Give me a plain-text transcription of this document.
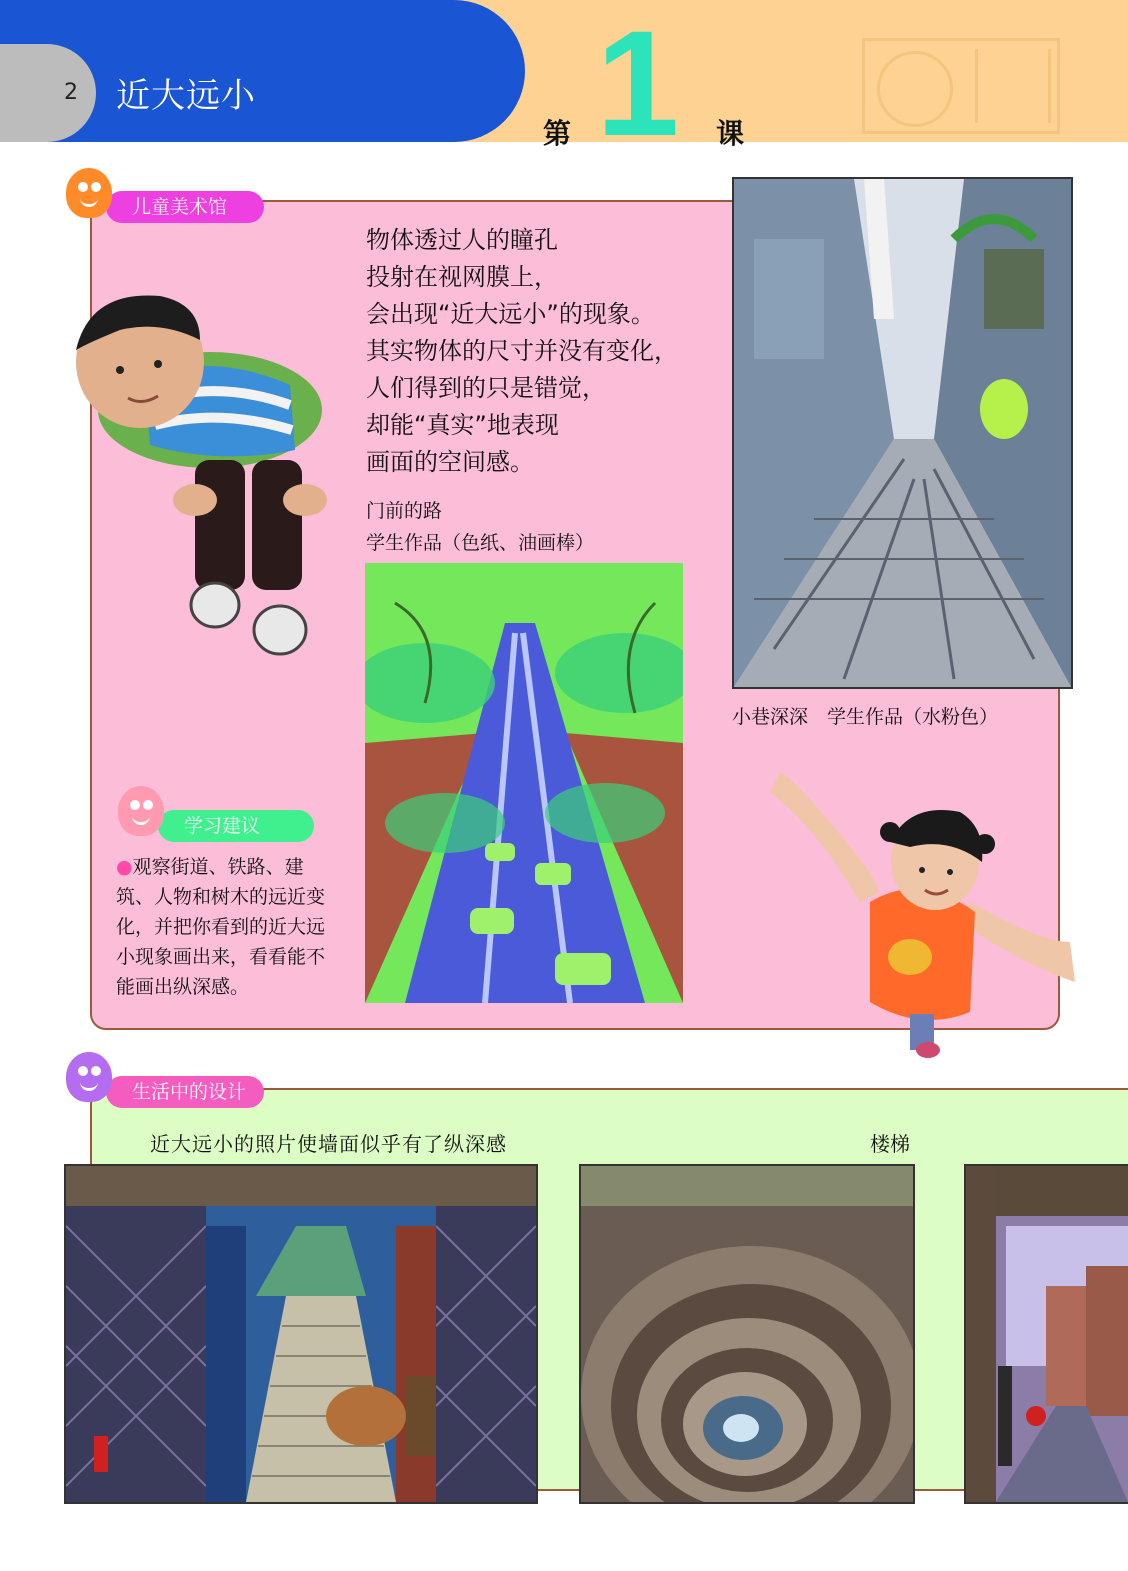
2 近大远小
第 1 课
儿童美术馆
物体透过人的瞳孔
投射在视网膜上，
会出现“近大远小”的现象。
其实物体的尺寸并没有变化，
人们得到的只是错觉，
却能“真实”地表现
画面的空间感。
门前的路
学生作品（色纸、油画棒）
小巷深深　学生作品（水粉色）
学习建议
●观察街道、铁路、建筑、人物和树木的远近变化，并把你看到的近大远小现象画出来，看看能不能画出纵深感。
生活中的设计
近大远小的照片使墙面似乎有了纵深感	楼梯
